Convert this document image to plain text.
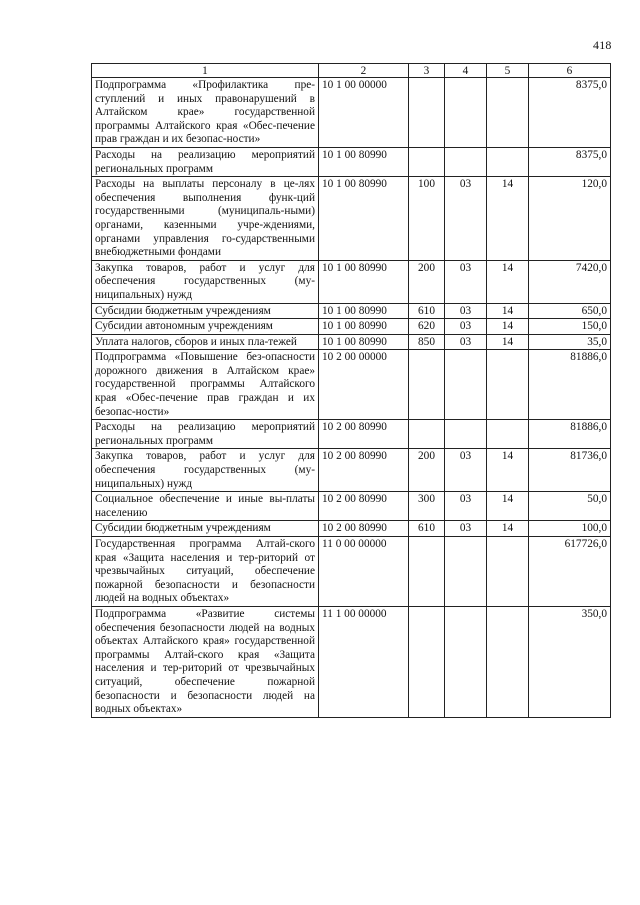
418
1	2	3	4	5	6
Подпрограмма «Профилактика пре-ступлений и иных правонарушений в Алтайском крае» государственной программы Алтайского края «Обес-печение прав граждан и их безопас-ности»	10 1 00 00000				8375,0
Расходы на реализацию мероприятий региональных программ	10 1 00 80990				8375,0
Расходы на выплаты персоналу в це-лях обеспечения выполнения функ-ций государственными (муниципаль-ными) органами, казенными учре-ждениями, органами управления го-сударственными внебюджетными фондами	10 1 00 80990	100	03	14	120,0
Закупка товаров, работ и услуг для обеспечения государственных (му-ниципальных) нужд	10 1 00 80990	200	03	14	7420,0
Субсидии бюджетным учреждениям	10 1 00 80990	610	03	14	650,0
Субсидии автономным учреждениям	10 1 00 80990	620	03	14	150,0
Уплата налогов, сборов и иных пла-тежей	10 1 00 80990	850	03	14	35,0
Подпрограмма «Повышение без-опасности дорожного движения в Алтайском крае» государственной программы Алтайского края «Обес-печение прав граждан и их безопас-ности»	10 2 00 00000				81886,0
Расходы на реализацию мероприятий региональных программ	10 2 00 80990				81886,0
Закупка товаров, работ и услуг для обеспечения государственных (му-ниципальных) нужд	10 2 00 80990	200	03	14	81736,0
Социальное обеспечение и иные вы-платы населению	10 2 00 80990	300	03	14	50,0
Субсидии бюджетным учреждениям	10 2 00 80990	610	03	14	100,0
Государственная программа Алтай-ского края «Защита населения и тер-риторий от чрезвычайных ситуаций, обеспечение пожарной безопасности и безопасности людей на водных объектах»	11 0 00 00000				617726,0
Подпрограмма «Развитие системы обеспечения безопасности людей на водных объектах Алтайского края» государственной программы Алтай-ского края «Защита населения и тер-риторий от чрезвычайных ситуаций, обеспечение пожарной безопасности и безопасности людей на водных объектах»	11 1 00 00000				350,0
